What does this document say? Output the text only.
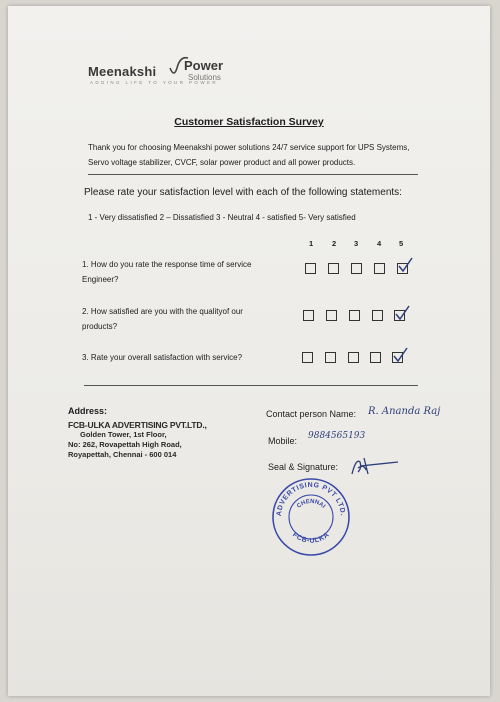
Meenakshi Power
Solutions
ADDING LIFE TO YOUR POWER
Customer Satisfaction Survey
Thank you for choosing Meenakshi power solutions 24/7 service support for UPS Systems,
Servo voltage stabilizer, CVCF, solar power product and all power products.
Please rate your satisfaction level with each of the following statements:
1 - Very dissatisfied 2 – Dissatisfied 3 - Neutral 4 - satisfied 5- Very satisfied
1	2 3	4 5
1. How do you rate the response time of service
Engineer?
2. How satisfied are you with the qualityof our
products?
3. Rate your overall satisfaction with service?
Address:
FCB-ULKA ADVERTISING PVT.LTD.,
Golden Tower, 1st Floor,
No: 262, Rovapettah High Road,
Royapettah, Chennai - 600 014
Contact person Name: R. Ananda Raj
Mobile: 9884565193
Seal & Signature:
ADVERTISING PVT LTD.
FCB-ULKA
CHENNAI
